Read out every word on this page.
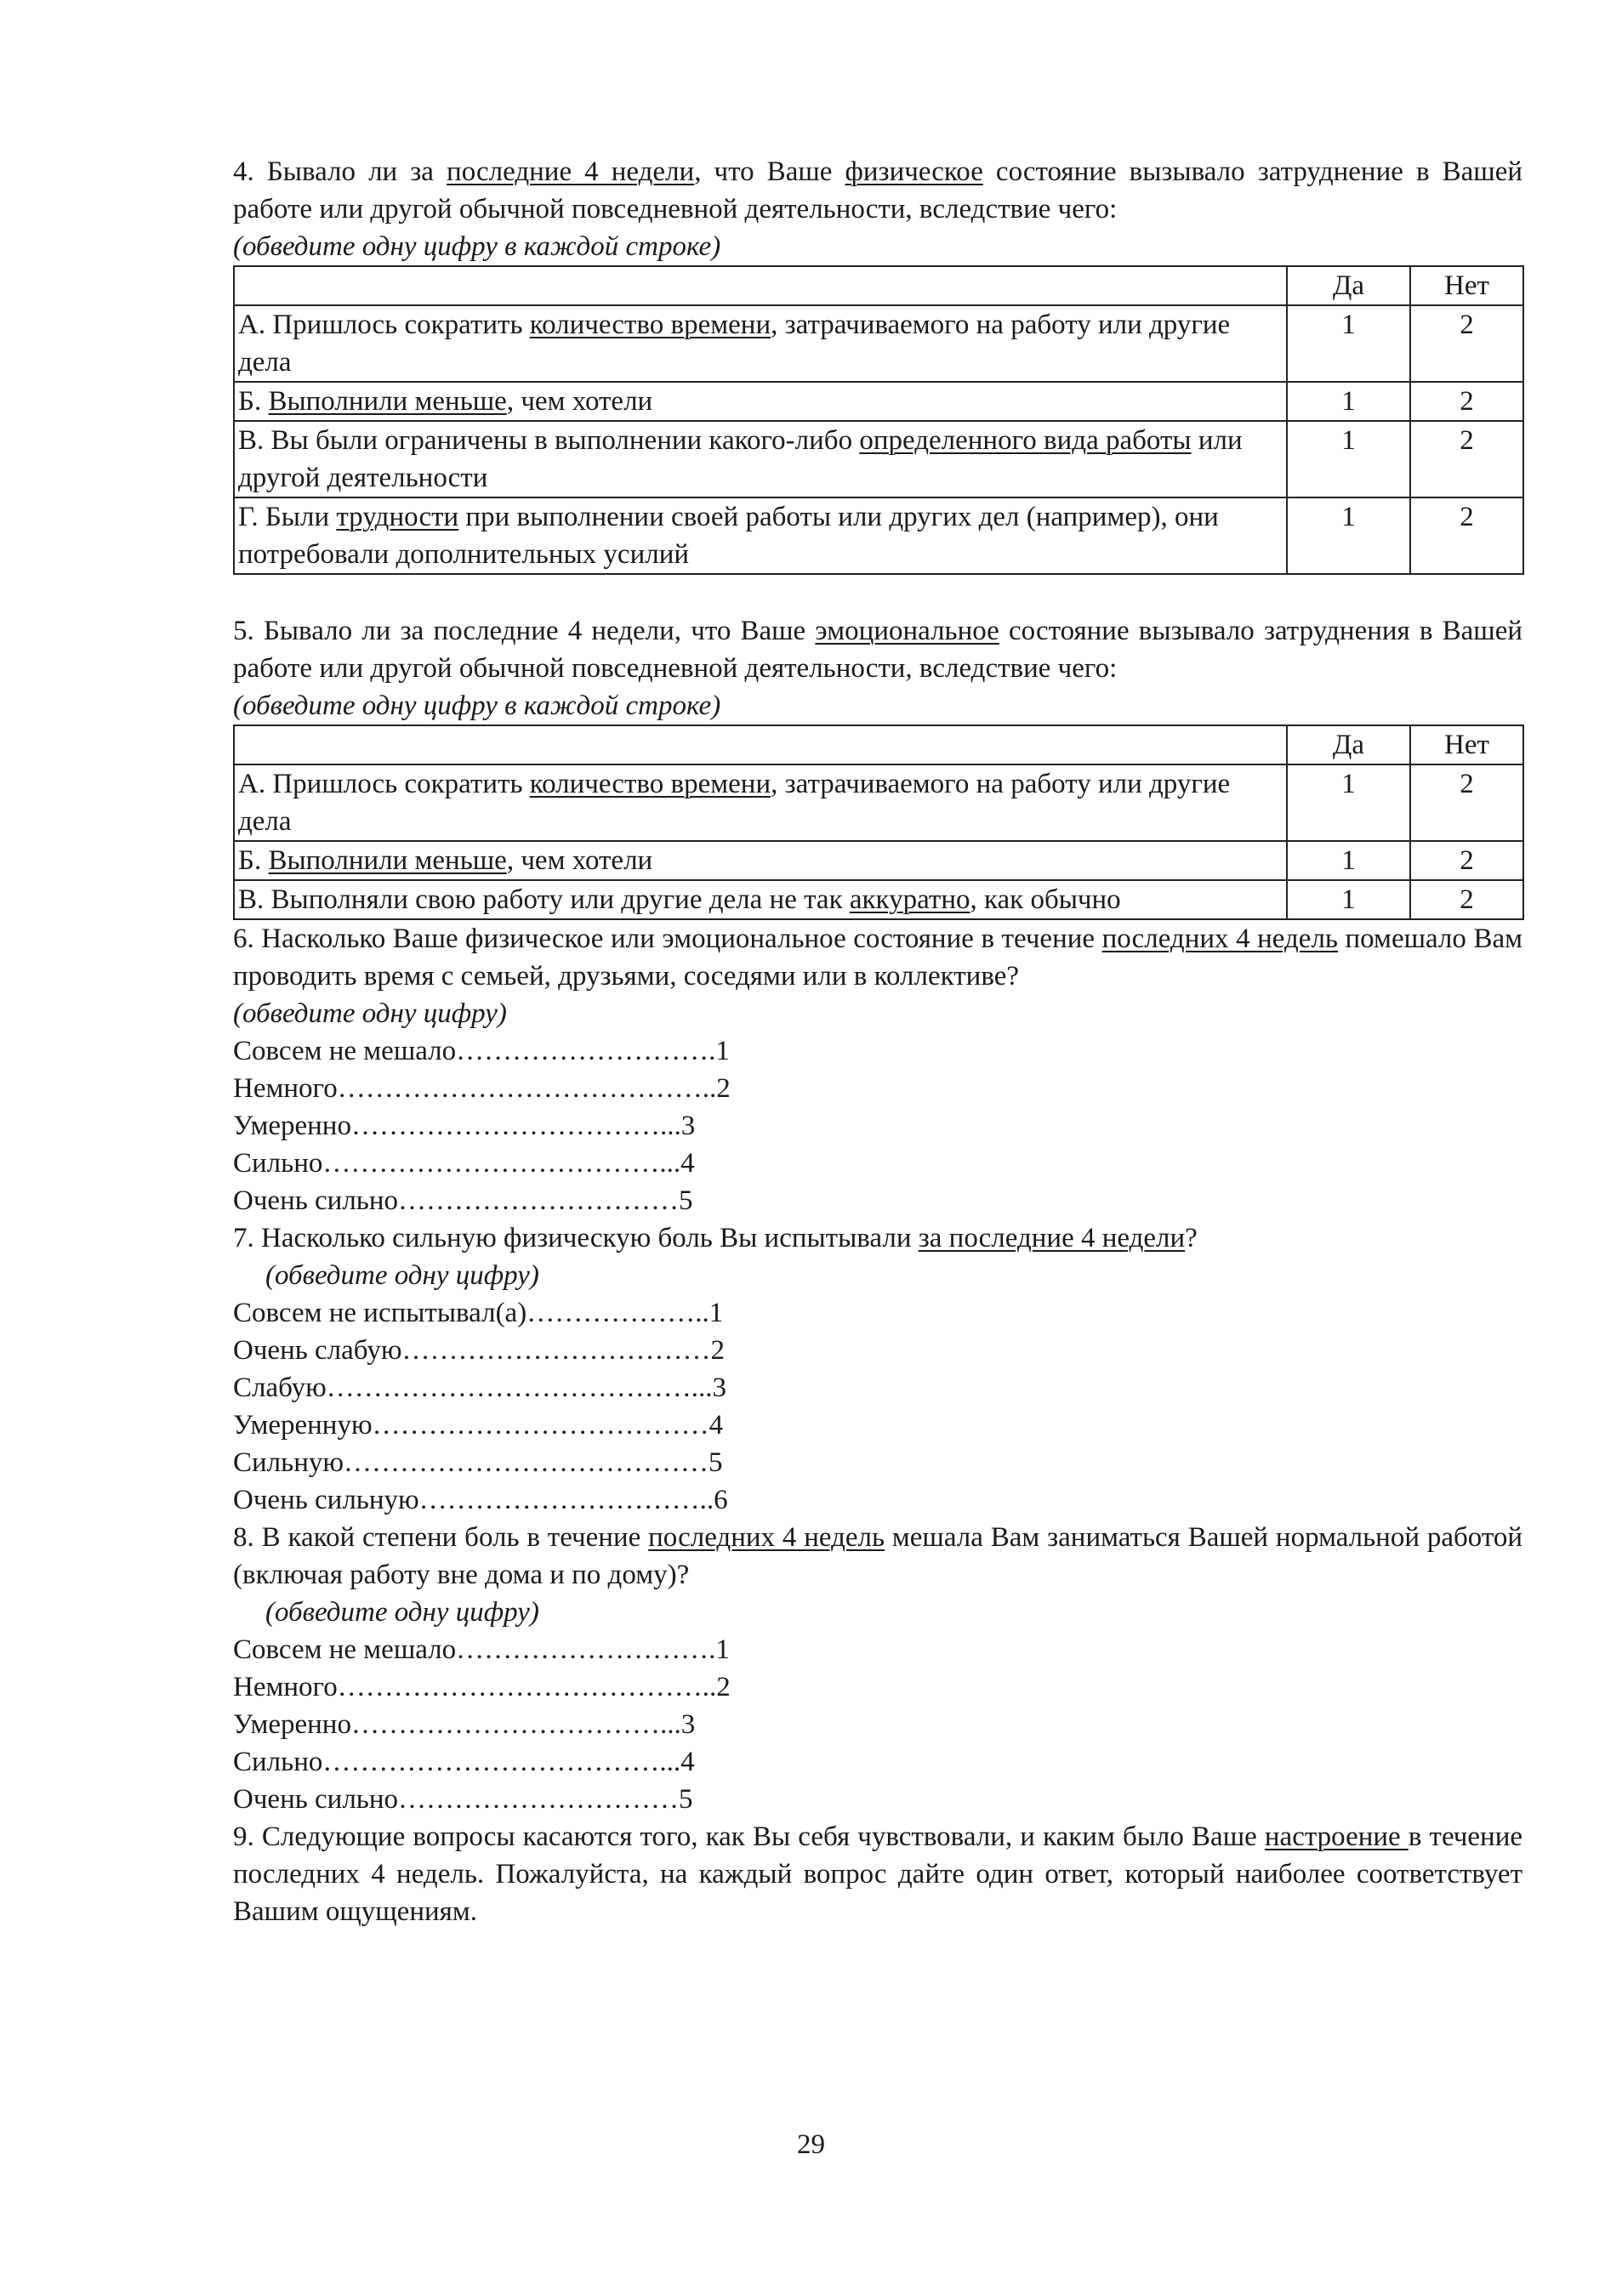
4. Бывало ли за последние 4 недели, что Ваше физическое состояние вызывало затруднение в Вашей работе или другой обычной повседневной деятельности, вследствие чего:

(обведите одну цифру в каждой строке)

	Да	Нет
А. Пришлось сократить количество времени, затрачиваемого на работу или другие дела	1	2
Б. Выполнили меньше, чем хотели	1	2
В. Вы были ограничены в выполнении какого-либо определенного вида работы или другой деятельности	1	2
Г. Были трудности при выполнении своей работы или других дел (например), они потребовали дополнительных усилий	1	2

5. Бывало ли за последние 4 недели, что Ваше эмоциональное состояние вызывало затруднения в Вашей работе или другой обычной повседневной деятельности, вследствие чего:

(обведите одну цифру в каждой строке)

	Да	Нет
А. Пришлось сократить количество времени, затрачиваемого на работу или другие дела	1	2
Б. Выполнили меньше, чем хотели	1	2
В. Выполняли свою работу или другие дела не так аккуратно, как обычно	1	2

6. Насколько Ваше физическое или эмоциональное состояние в течение последних 4 недель помешало Вам проводить время с семьей, друзьями, соседями или в коллективе?

(обведите одну цифру)

Совсем не мешало……………………….1

Немного…………………………………..2

Умеренно……………………………...3

Сильно………………………………...4

Очень сильно…………………………5

7. Насколько сильную физическую боль Вы испытывали за последние 4 недели?

(обведите одну цифру)

Совсем не испытывал(а)………………..1

Очень слабую……………………………2

Слабую…………………………………...3

Умеренную………………………………4

Сильную…………………………………5

Очень сильную…………………………..6

8. В какой степени боль в течение последних 4 недель мешала Вам заниматься Вашей нормальной работой (включая работу вне дома и по дому)?

(обведите одну цифру)

Совсем не мешало……………………….1

Немного…………………………………..2

Умеренно……………………………...3

Сильно………………………………...4

Очень сильно…………………………5

9. Следующие вопросы касаются того, как Вы себя чувствовали, и каким было Ваше настроение в течение последних 4 недель. Пожалуйста, на каждый вопрос дайте один ответ, который наиболее соответствует Вашим ощущениям.

29
